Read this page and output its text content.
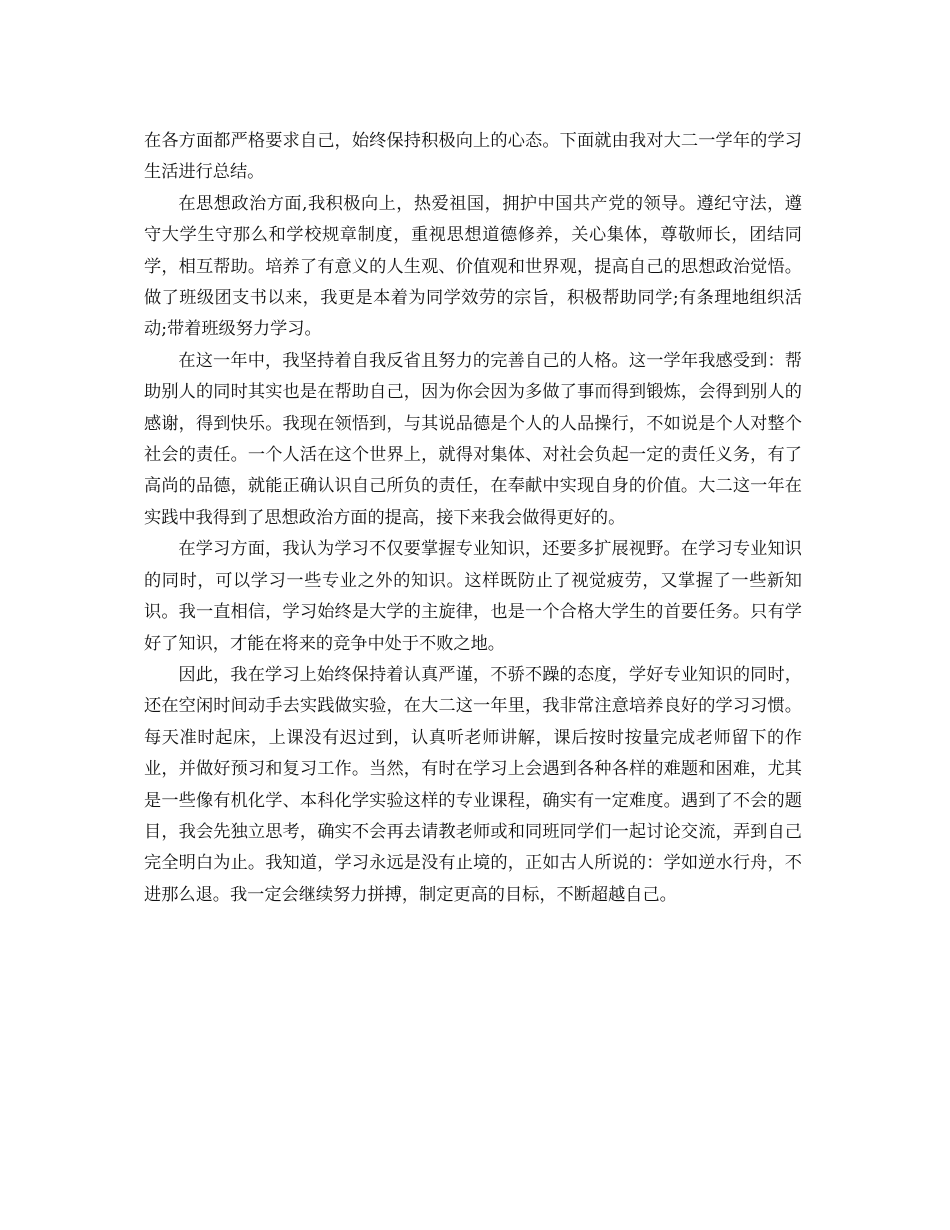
在各方面都严格要求自己，始终保持积极向上的心态。下面就由我对大二一学年的学习生活进行总结。

在思想政治方面,我积极向上，热爱祖国，拥护中国共产党的领导。遵纪守法，遵守大学生守那么和学校规章制度，重视思想道德修养，关心集体，尊敬师长，团结同学，相互帮助。培养了有意义的人生观、价值观和世界观，提高自己的思想政治觉悟。做了班级团支书以来，我更是本着为同学效劳的宗旨，积极帮助同学;有条理地组织活动;带着班级努力学习。

在这一年中，我坚持着自我反省且努力的完善自己的人格。这一学年我感受到：帮助别人的同时其实也是在帮助自己，因为你会因为多做了事而得到锻炼，会得到别人的感谢，得到快乐。我现在领悟到，与其说品德是个人的人品操行，不如说是个人对整个社会的责任。一个人活在这个世界上，就得对集体、对社会负起一定的责任义务，有了高尚的品德，就能正确认识自己所负的责任，在奉献中实现自身的价值。大二这一年在实践中我得到了思想政治方面的提高，接下来我会做得更好的。

在学习方面，我认为学习不仅要掌握专业知识，还要多扩展视野。在学习专业知识的同时，可以学习一些专业之外的知识。这样既防止了视觉疲劳，又掌握了一些新知识。我一直相信，学习始终是大学的主旋律，也是一个合格大学生的首要任务。只有学好了知识，才能在将来的竞争中处于不败之地。

因此，我在学习上始终保持着认真严谨，不骄不躁的态度，学好专业知识的同时，还在空闲时间动手去实践做实验，在大二这一年里，我非常注意培养良好的学习习惯。每天准时起床，上课没有迟过到，认真听老师讲解，课后按时按量完成老师留下的作业，并做好预习和复习工作。当然，有时在学习上会遇到各种各样的难题和困难，尤其是一些像有机化学、本科化学实验这样的专业课程，确实有一定难度。遇到了不会的题目，我会先独立思考，确实不会再去请教老师或和同班同学们一起讨论交流，弄到自己完全明白为止。我知道，学习永远是没有止境的，正如古人所说的：学如逆水行舟，不进那么退。我一定会继续努力拼搏，制定更高的目标，不断超越自己。
